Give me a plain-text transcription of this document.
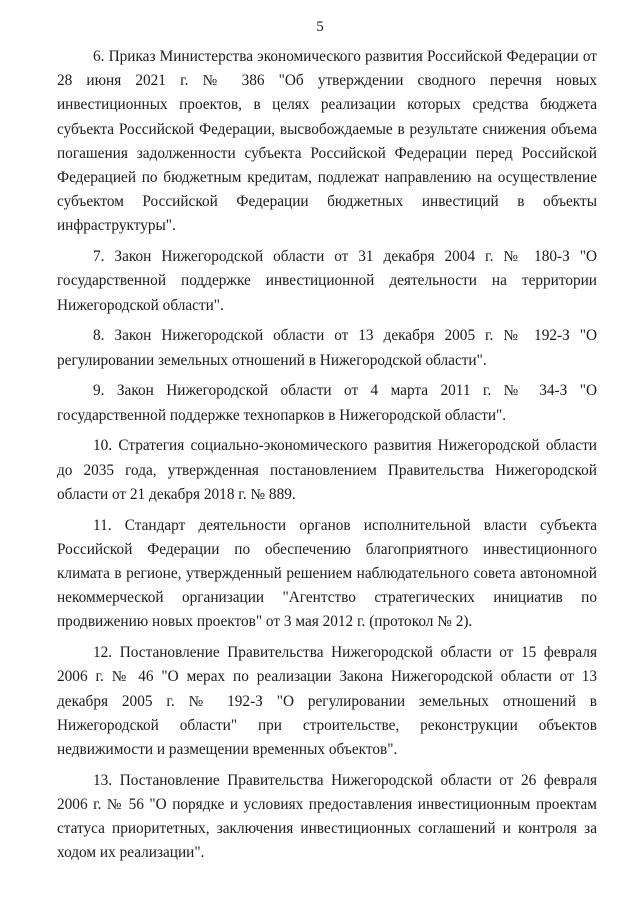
5

6. Приказ Министерства экономического развития Российской Федерации от 28 июня 2021 г. № 386 "Об утверждении сводного перечня новых инвестиционных проектов, в целях реализации которых средства бюджета субъекта Российской Федерации, высвобождаемые в результате снижения объема погашения задолженности субъекта Российской Федерации перед Российской Федерацией по бюджетным кредитам, подлежат направлению на осуществление субъектом Российской Федерации бюджетных инвестиций в объекты инфраструктуры".

7. Закон Нижегородской области от 31 декабря 2004 г. № 180-З "О государственной поддержке инвестиционной деятельности на территории Нижегородской области".

8. Закон Нижегородской области от 13 декабря 2005 г. № 192-З "О регулировании земельных отношений в Нижегородской области".

9. Закон Нижегородской области от 4 марта 2011 г. № 34-З "О государственной поддержке технопарков в Нижегородской области".

10. Стратегия социально-экономического развития Нижегородской области до 2035 года, утвержденная постановлением Правительства Нижегородской области от 21 декабря 2018 г. № 889.

11. Стандарт деятельности органов исполнительной власти субъекта Российской Федерации по обеспечению благоприятного инвестиционного климата в регионе, утвержденный решением наблюдательного совета автономной некоммерческой организации "Агентство стратегических инициатив по продвижению новых проектов" от 3 мая 2012 г. (протокол № 2).

12. Постановление Правительства Нижегородской области от 15 февраля 2006 г. № 46 "О мерах по реализации Закона Нижегородской области от 13 декабря 2005 г. № 192-З "О регулировании земельных отношений в Нижегородской области" при строительстве, реконструкции объектов недвижимости и размещении временных объектов".

13. Постановление Правительства Нижегородской области от 26 февраля 2006 г. № 56 "О порядке и условиях предоставления инвестиционным проектам статуса приоритетных, заключения инвестиционных соглашений и контроля за ходом их реализации".
